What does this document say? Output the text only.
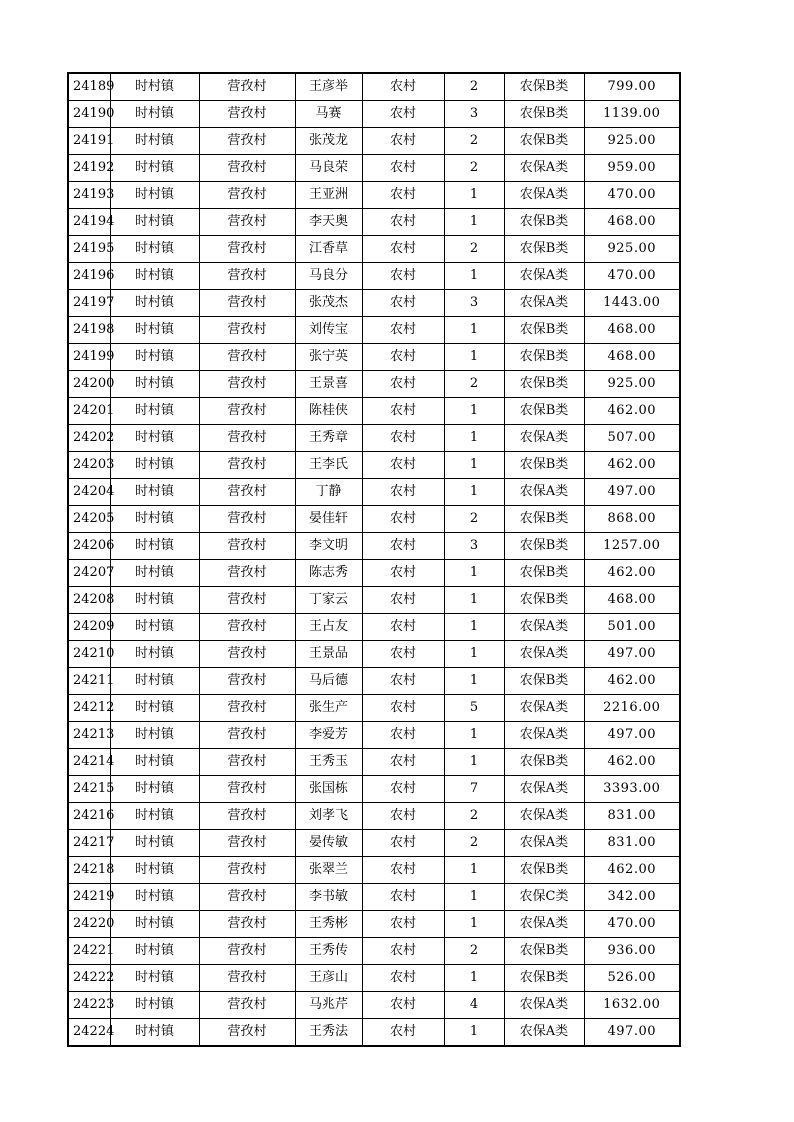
24189	时村镇	营孜村	王彦举	农村	2	农保B类	799.00
24190	时村镇	营孜村	马赛	农村	3	农保B类	1139.00
24191	时村镇	营孜村	张茂龙	农村	2	农保B类	925.00
24192	时村镇	营孜村	马良荣	农村	2	农保A类	959.00
24193	时村镇	营孜村	王亚洲	农村	1	农保A类	470.00
24194	时村镇	营孜村	李天奥	农村	1	农保B类	468.00
24195	时村镇	营孜村	江香草	农村	2	农保B类	925.00
24196	时村镇	营孜村	马良分	农村	1	农保A类	470.00
24197	时村镇	营孜村	张茂杰	农村	3	农保A类	1443.00
24198	时村镇	营孜村	刘传宝	农村	1	农保B类	468.00
24199	时村镇	营孜村	张宁英	农村	1	农保B类	468.00
24200	时村镇	营孜村	王景喜	农村	2	农保B类	925.00
24201	时村镇	营孜村	陈桂侠	农村	1	农保B类	462.00
24202	时村镇	营孜村	王秀章	农村	1	农保A类	507.00
24203	时村镇	营孜村	王李氏	农村	1	农保B类	462.00
24204	时村镇	营孜村	丁静	农村	1	农保A类	497.00
24205	时村镇	营孜村	晏佳轩	农村	2	农保B类	868.00
24206	时村镇	营孜村	李文明	农村	3	农保B类	1257.00
24207	时村镇	营孜村	陈志秀	农村	1	农保B类	462.00
24208	时村镇	营孜村	丁家云	农村	1	农保B类	468.00
24209	时村镇	营孜村	王占友	农村	1	农保A类	501.00
24210	时村镇	营孜村	王景品	农村	1	农保A类	497.00
24211	时村镇	营孜村	马后德	农村	1	农保B类	462.00
24212	时村镇	营孜村	张生产	农村	5	农保A类	2216.00
24213	时村镇	营孜村	李爱芳	农村	1	农保A类	497.00
24214	时村镇	营孜村	王秀玉	农村	1	农保B类	462.00
24215	时村镇	营孜村	张国栋	农村	7	农保A类	3393.00
24216	时村镇	营孜村	刘孝飞	农村	2	农保A类	831.00
24217	时村镇	营孜村	晏传敏	农村	2	农保A类	831.00
24218	时村镇	营孜村	张翠兰	农村	1	农保B类	462.00
24219	时村镇	营孜村	李书敏	农村	1	农保C类	342.00
24220	时村镇	营孜村	王秀彬	农村	1	农保A类	470.00
24221	时村镇	营孜村	王秀传	农村	2	农保B类	936.00
24222	时村镇	营孜村	王彦山	农村	1	农保B类	526.00
24223	时村镇	营孜村	马兆芹	农村	4	农保A类	1632.00
24224	时村镇	营孜村	王秀法	农村	1	农保A类	497.00
